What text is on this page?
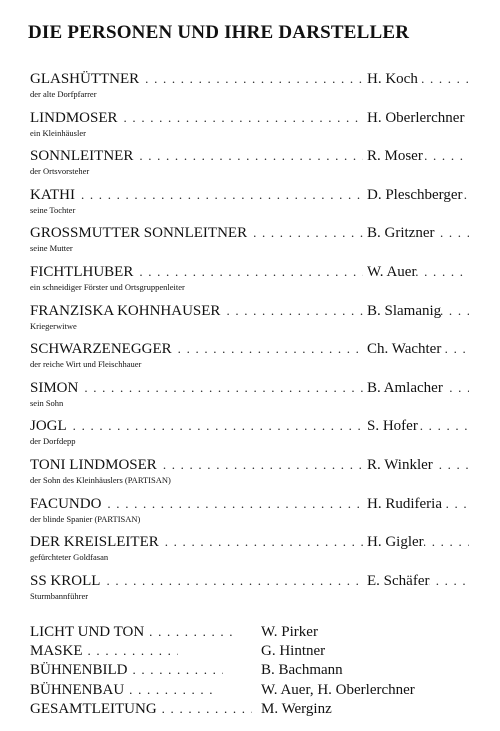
DIE PERSONEN UND IHRE DARSTELLER
GLASHÜTTNER . . .	H. Koch
der alte Dorfpfarrer
LINDMOSER . . .	H. Oberlerchner
ein Kleinhäusler
SONNLEITNER . . .	R. Moser
der Ortsvorsteher
KATHI . . .	D. Pleschberger
seine Tochter
GROSSMUTTER SONNLEITNER . . .	B. Gritzner
seine Mutter
FICHTLHUBER . . .	W. Auer
ein schneidiger Förster und Ortsgruppenleiter
FRANZISKA KOHNHAUSER . . .	B. Slamanig
Kriegerwitwe
SCHWARZENEGGER . . .	Ch. Wachter
der reiche Wirt und Fleischhauer
SIMON . . .	B. Amlacher
sein Sohn
JOGL . . .	S. Hofer
der Dorfdepp
TONI LINDMOSER . . .	R. Winkler
der Sohn des Kleinhäuslers (PARTISAN)
FACUNDO . . .	H. Rudiferia
der blinde Spanier (PARTISAN)
DER KREISLEITER . . .	H. Gigler
gefürchteter Goldfasan
SS KROLL . . .	E. Schäfer
Sturmbannführer
LICHT UND TON . . .	W. Pirker
MASKE . . .	G. Hintner
BÜHNENBILD . . .	B. Bachmann
BÜHNENBAU . . .	W. Auer, H. Oberlerchner
GESAMTLEITUNG . . .	M. Werginz
